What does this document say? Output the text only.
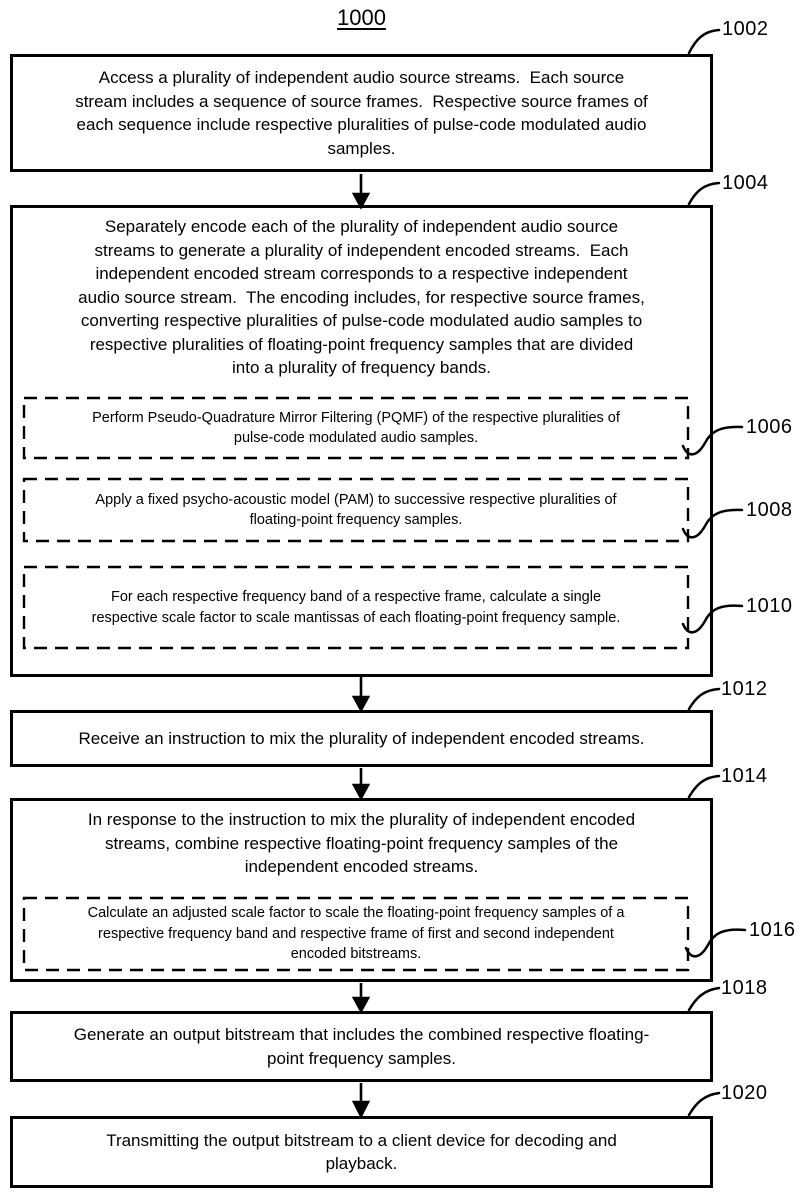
1000
Access a plurality of independent audio source streams.  Each source
stream includes a sequence of source frames.  Respective source frames of
each sequence include respective pluralities of pulse-code modulated audio
samples.
Separately encode each of the plurality of independent audio source
streams to generate a plurality of independent encoded streams.  Each
independent encoded stream corresponds to a respective independent
audio source stream.  The encoding includes, for respective source frames,
converting respective pluralities of pulse-code modulated audio samples to
respective pluralities of floating-point frequency samples that are divided
into a plurality of frequency bands.
Perform Pseudo-Quadrature Mirror Filtering (PQMF) of the respective pluralities of
pulse-code modulated audio samples.
Apply a fixed psycho-acoustic model (PAM) to successive respective pluralities of
floating-point frequency samples.
For each respective frequency band of a respective frame, calculate a single
respective scale factor to scale mantissas of each floating-point frequency sample.
Receive an instruction to mix the plurality of independent encoded streams.
In response to the instruction to mix the plurality of independent encoded
streams, combine respective floating-point frequency samples of the
independent encoded streams.
Calculate an adjusted scale factor to scale the floating-point frequency samples of a
respective frequency band and respective frame of first and second independent
encoded bitstreams.
Generate an output bitstream that includes the combined respective floating-
point frequency samples.
Transmitting the output bitstream to a client device for decoding and
playback.
1002
1004
1006
1008
1010
1012
1014
1016
1018
1020
